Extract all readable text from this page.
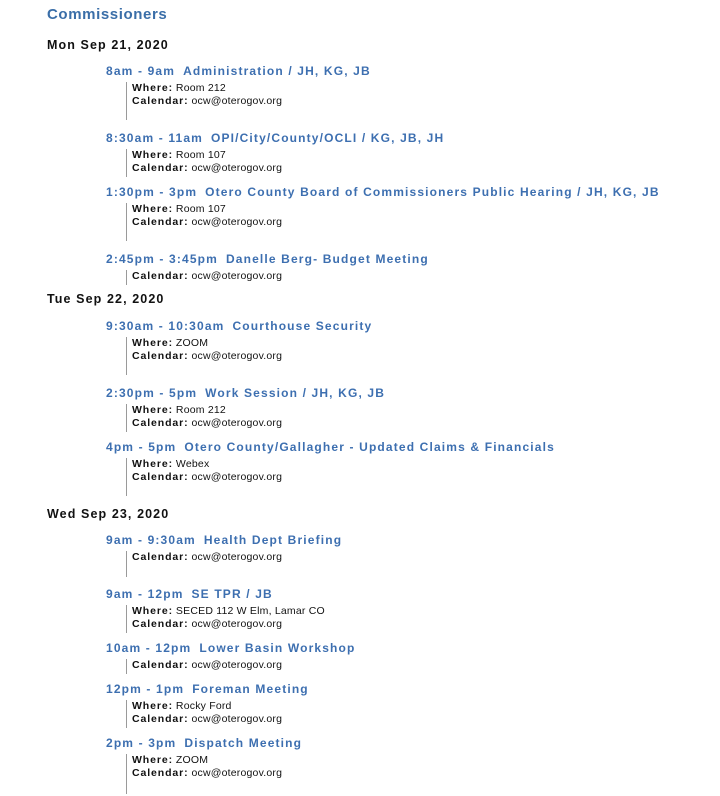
Commissioners
Mon Sep 21, 2020
8am - 9am Administration / JH, KG, JB
Where: Room 212
Calendar: ocw@oterogov.org
8:30am - 11am OPI/City/County/OCLI / KG, JB, JH
Where: Room 107
Calendar: ocw@oterogov.org
1:30pm - 3pm Otero County Board of Commissioners Public Hearing / JH, KG, JB
Where: Room 107
Calendar: ocw@oterogov.org
2:45pm - 3:45pm Danelle Berg- Budget Meeting
Calendar: ocw@oterogov.org
Tue Sep 22, 2020
9:30am - 10:30am Courthouse Security
Where: ZOOM
Calendar: ocw@oterogov.org
2:30pm - 5pm Work Session / JH, KG, JB
Where: Room 212
Calendar: ocw@oterogov.org
4pm - 5pm Otero County/Gallagher - Updated Claims & Financials
Where: Webex
Calendar: ocw@oterogov.org
Wed Sep 23, 2020
9am - 9:30am Health Dept Briefing
Calendar: ocw@oterogov.org
9am - 12pm SE TPR / JB
Where: SECED 112 W Elm, Lamar CO
Calendar: ocw@oterogov.org
10am - 12pm Lower Basin Workshop
Calendar: ocw@oterogov.org
12pm - 1pm Foreman Meeting
Where: Rocky Ford
Calendar: ocw@oterogov.org
2pm - 3pm Dispatch Meeting
Where: ZOOM
Calendar: ocw@oterogov.org
